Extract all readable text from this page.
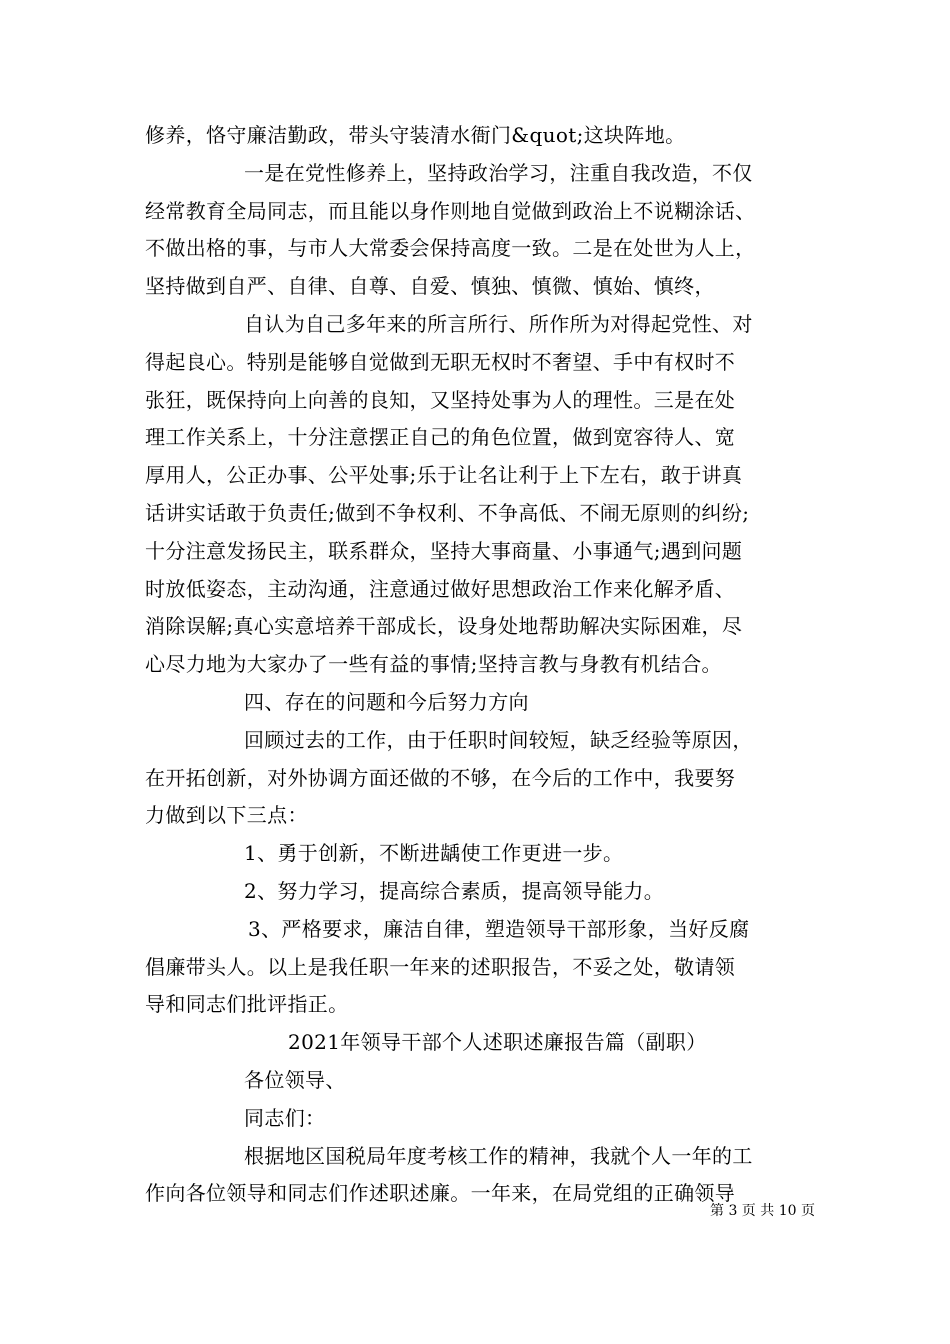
修养，恪守廉洁勤政，带头守装清水衙门&quot;这块阵地。
一是在党性修养上，坚持政治学习，注重自我改造，不仅
经常教育全局同志，而且能以身作则地自觉做到政治上不说糊涂话、
不做出格的事，与市人大常委会保持高度一致。二是在处世为人上，
坚持做到自严、自律、自尊、自爱、慎独、慎微、慎始、慎终，
自认为自己多年来的所言所行、所作所为对得起党性、对
得起良心。特别是能够自觉做到无职无权时不奢望、手中有权时不
张狂，既保持向上向善的良知，又坚持处事为人的理性。三是在处
理工作关系上，十分注意摆正自己的角色位置，做到宽容待人、宽
厚用人，公正办事、公平处事;乐于让名让利于上下左右，敢于讲真
话讲实话敢于负责任;做到不争权利、不争高低、不闹无原则的纠纷;
十分注意发扬民主，联系群众，坚持大事商量、小事通气;遇到问题
时放低姿态，主动沟通，注意通过做好思想政治工作来化解矛盾、
消除误解;真心实意培养干部成长，设身处地帮助解决实际困难，尽
心尽力地为大家办了一些有益的事情;坚持言教与身教有机结合。
四、存在的问题和今后努力方向
回顾过去的工作，由于任职时间较短，缺乏经验等原因，
在开拓创新，对外协调方面还做的不够，在今后的工作中，我要努
力做到以下三点：
1、勇于创新，不断进龋使工作更进一步。
2、努力学习，提高综合素质，提高领导能力。
3、严格要求，廉洁自律，塑造领导干部形象，当好反腐
倡廉带头人。以上是我任职一年来的述职报告，不妥之处，敬请领
导和同志们批评指正。
2021年领导干部个人述职述廉报告篇（副职）
各位领导、
同志们：
根据地区国税局年度考核工作的精神，我就个人一年的工
作向各位领导和同志们作述职述廉。一年来，在局党组的正确领导
第 3 页 共 10 页
